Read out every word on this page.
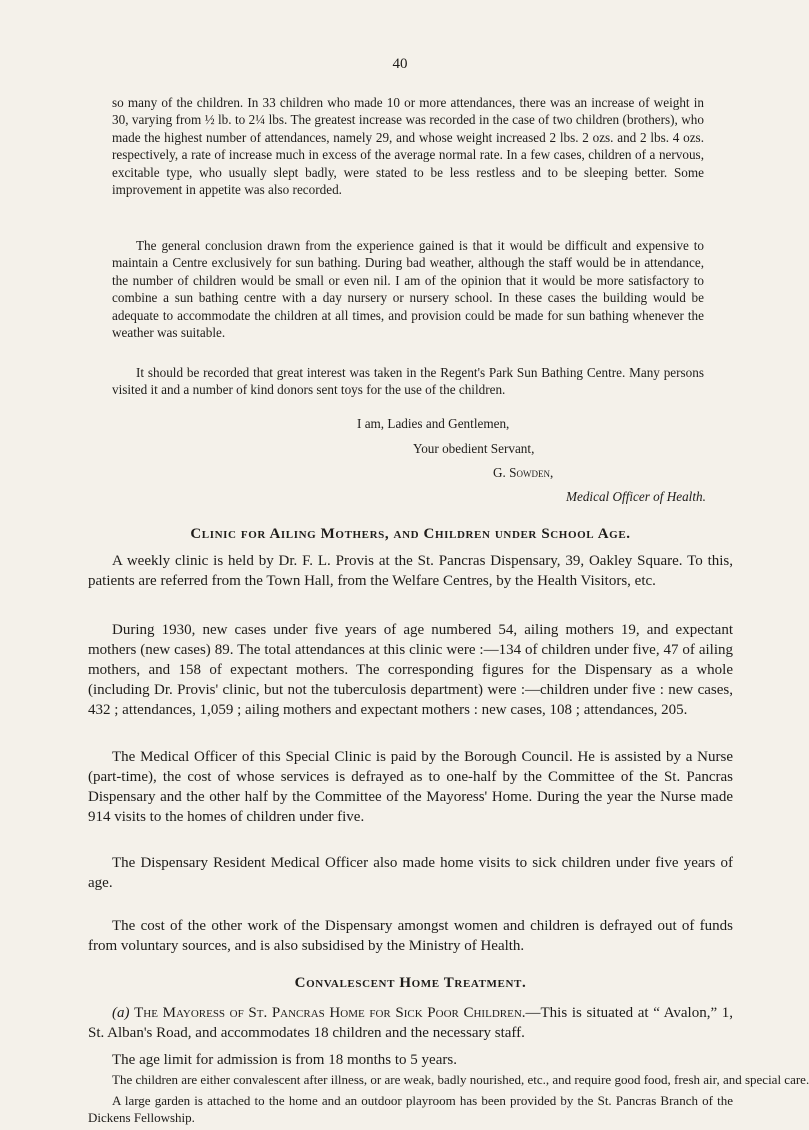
40

so many of the children. In 33 children who made 10 or more attendances, there was an increase of weight in 30, varying from ½ lb. to 2¼ lbs. The greatest increase was recorded in the case of two children (brothers), who made the highest number of attendances, namely 29, and whose weight increased 2 lbs. 2 ozs. and 2 lbs. 4 ozs. respectively, a rate of increase much in excess of the average normal rate. In a few cases, children of a nervous, excitable type, who usually slept badly, were stated to be less restless and to be sleeping better. Some improvement in appetite was also recorded.

The general conclusion drawn from the experience gained is that it would be difficult and expensive to maintain a Centre exclusively for sun bathing. During bad weather, although the staff would be in attendance, the number of children would be small or even nil. I am of the opinion that it would be more satisfactory to combine a sun bathing centre with a day nursery or nursery school. In these cases the building would be adequate to accommodate the children at all times, and provision could be made for sun bathing whenever the weather was suitable.

It should be recorded that great interest was taken in the Regent's Park Sun Bathing Centre. Many persons visited it and a number of kind donors sent toys for the use of the children.

I am, Ladies and Gentlemen,

Your obedient Servant,

G. Sowden,

Medical Officer of Health.

Clinic for Ailing Mothers, and Children under School Age.

A weekly clinic is held by Dr. F. L. Provis at the St. Pancras Dispensary, 39, Oakley Square. To this, patients are referred from the Town Hall, from the Welfare Centres, by the Health Visitors, etc.

During 1930, new cases under five years of age numbered 54, ailing mothers 19, and expectant mothers (new cases) 89. The total attendances at this clinic were :—134 of children under five, 47 of ailing mothers, and 158 of expectant mothers. The corresponding figures for the Dispensary as a whole (including Dr. Provis' clinic, but not the tuberculosis department) were :—children under five : new cases, 432 ; attendances, 1,059 ; ailing mothers and expectant mothers : new cases, 108 ; attendances, 205.

The Medical Officer of this Special Clinic is paid by the Borough Council. He is assisted by a Nurse (part-time), the cost of whose services is defrayed as to one-half by the Committee of the St. Pancras Dispensary and the other half by the Committee of the Mayoress' Home. During the year the Nurse made 914 visits to the homes of children under five.

The Dispensary Resident Medical Officer also made home visits to sick children under five years of age.

The cost of the other work of the Dispensary amongst women and children is defrayed out of funds from voluntary sources, and is also subsidised by the Ministry of Health.

Convalescent Home Treatment.

(a) The Mayoress of St. Pancras Home for Sick Poor Children.—This is situated at “ Avalon,” 1, St. Alban's Road, and accommodates 18 children and the necessary staff.

The age limit for admission is from 18 months to 5 years.

The children are either convalescent after illness, or are weak, badly nourished, etc., and require good food, fresh air, and special care.

A large garden is attached to the home and an outdoor playroom has been provided by the St. Pancras Branch of the Dickens Fellowship.
